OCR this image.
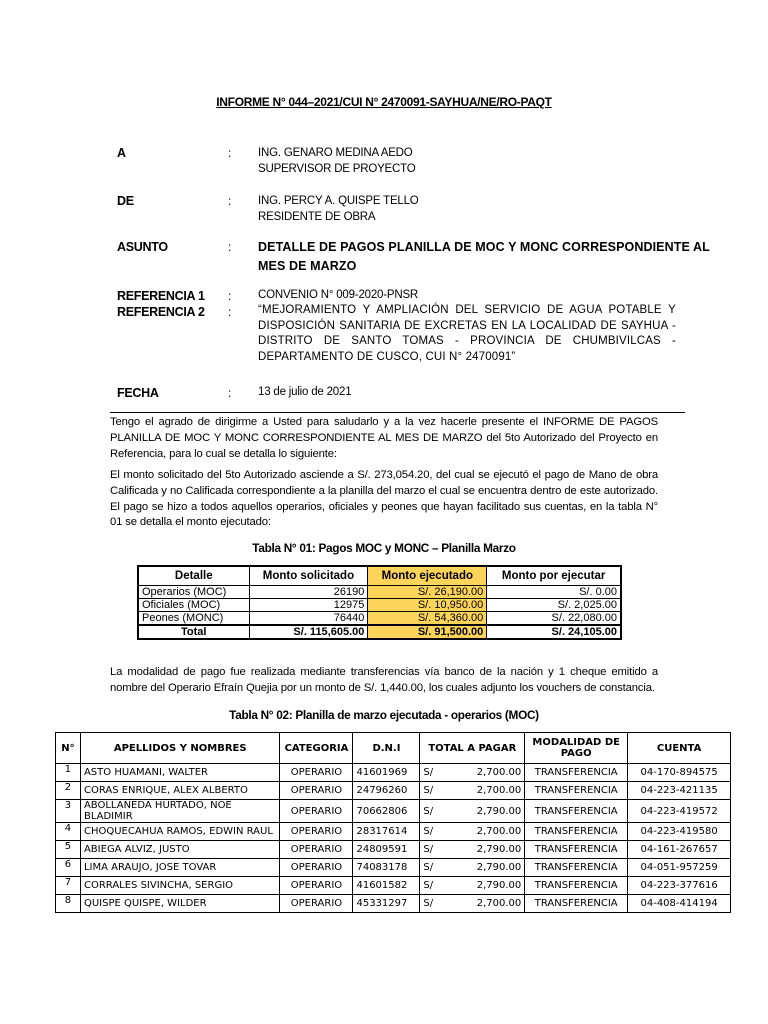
INFORME N° 044–2021/CUI N° 2470091-SAYHUA/NE/RO-PAQT
A	: ING. GENARO MEDINA AEDO
SUPERVISOR DE PROYECTO
DE	: ING. PERCY A. QUISPE TELLO
RESIDENTE DE OBRA
ASUNTO	: DETALLE DE PAGOS PLANILLA DE MOC Y MONC CORRESPONDIENTE AL
MES DE MARZO
REFERENCIA 1 : CONVENIO N° 009-2020-PNSR
REFERENCIA 2 : “MEJORAMIENTO Y AMPLIACIÓN DEL SERVICIO DE AGUA POTABLE Y DISPOSICIÓN SANITARIA DE EXCRETAS EN LA LOCALIDAD DE SAYHUA - DISTRITO DE SANTO TOMAS - PROVINCIA DE CHUMBIVILCAS - DEPARTAMENTO DE CUSCO, CUI N° 2470091”
FECHA	: 13 de julio de 2021
Tengo el agrado de dirigirme a Usted para saludarlo y a la vez hacerle presente el INFORME DE PAGOS PLANILLA DE MOC Y MONC CORRESPONDIENTE AL MES DE MARZO del 5to Autorizado del Proyecto en Referencia, para lo cual se detalla lo siguiente:
El monto solicitado del 5to Autorizado asciende a S/. 273,054.20, del cual se ejecutó el pago de Mano de obra Calificada y no Calificada correspondiente a la planilla del marzo el cual se encuentra dentro de este autorizado. El pago se hizo a todos aquellos operarios, oficiales y peones que hayan facilitado sus cuentas, en la tabla N° 01 se detalla el monto ejecutado:
Tabla N° 01: Pagos MOC y MONC – Planilla Marzo
Detalle	Monto solicitado	Monto ejecutado	Monto por ejecutar
Operarios (MOC)	26190	S/. 26,190.00	S/. 0.00
Oficiales (MOC)	12975	S/. 10,950.00	S/. 2,025.00
Peones (MONC)	76440	S/. 54,360.00	S/. 22,080.00
Total	S/. 115,605.00	S/. 91,500.00	S/. 24,105.00
La modalidad de pago fue realizada mediante transferencias vía banco de la nación y 1 cheque emitido a nombre del Operario Efraín Quejia por un monto de S/. 1,440.00, los cuales adjunto los vouchers de constancia.
Tabla N° 02: Planilla de marzo ejecutada - operarios (MOC)
N°	APELLIDOS Y NOMBRES	CATEGORIA	D.N.I	TOTAL A PAGAR	MODALIDAD DE PAGO	CUENTA
1	ASTO HUAMANI, WALTER	OPERARIO	41601969	S/ 2,700.00	TRANSFERENCIA	04-170-894575
2	CORAS ENRIQUE, ALEX ALBERTO	OPERARIO	24796260	S/ 2,700.00	TRANSFERENCIA	04-223-421135
3	ABOLLANEDA HURTADO, NOE BLADIMIR	OPERARIO	70662806	S/ 2,790.00	TRANSFERENCIA	04-223-419572
4	CHOQUECAHUA RAMOS, EDWIN RAUL	OPERARIO	28317614	S/ 2,700.00	TRANSFERENCIA	04-223-419580
5	ABIEGA ALVIZ, JUSTO	OPERARIO	24809591	S/ 2,790.00	TRANSFERENCIA	04-161-267657
6	LIMA ARAUJO, JOSE TOVAR	OPERARIO	74083178	S/ 2,790.00	TRANSFERENCIA	04-051-957259
7	CORRALES SIVINCHA, SERGIO	OPERARIO	41601582	S/ 2,790.00	TRANSFERENCIA	04-223-377616
8	QUISPE QUISPE, WILDER	OPERARIO	45331297	S/ 2,700.00	TRANSFERENCIA	04-408-414194
